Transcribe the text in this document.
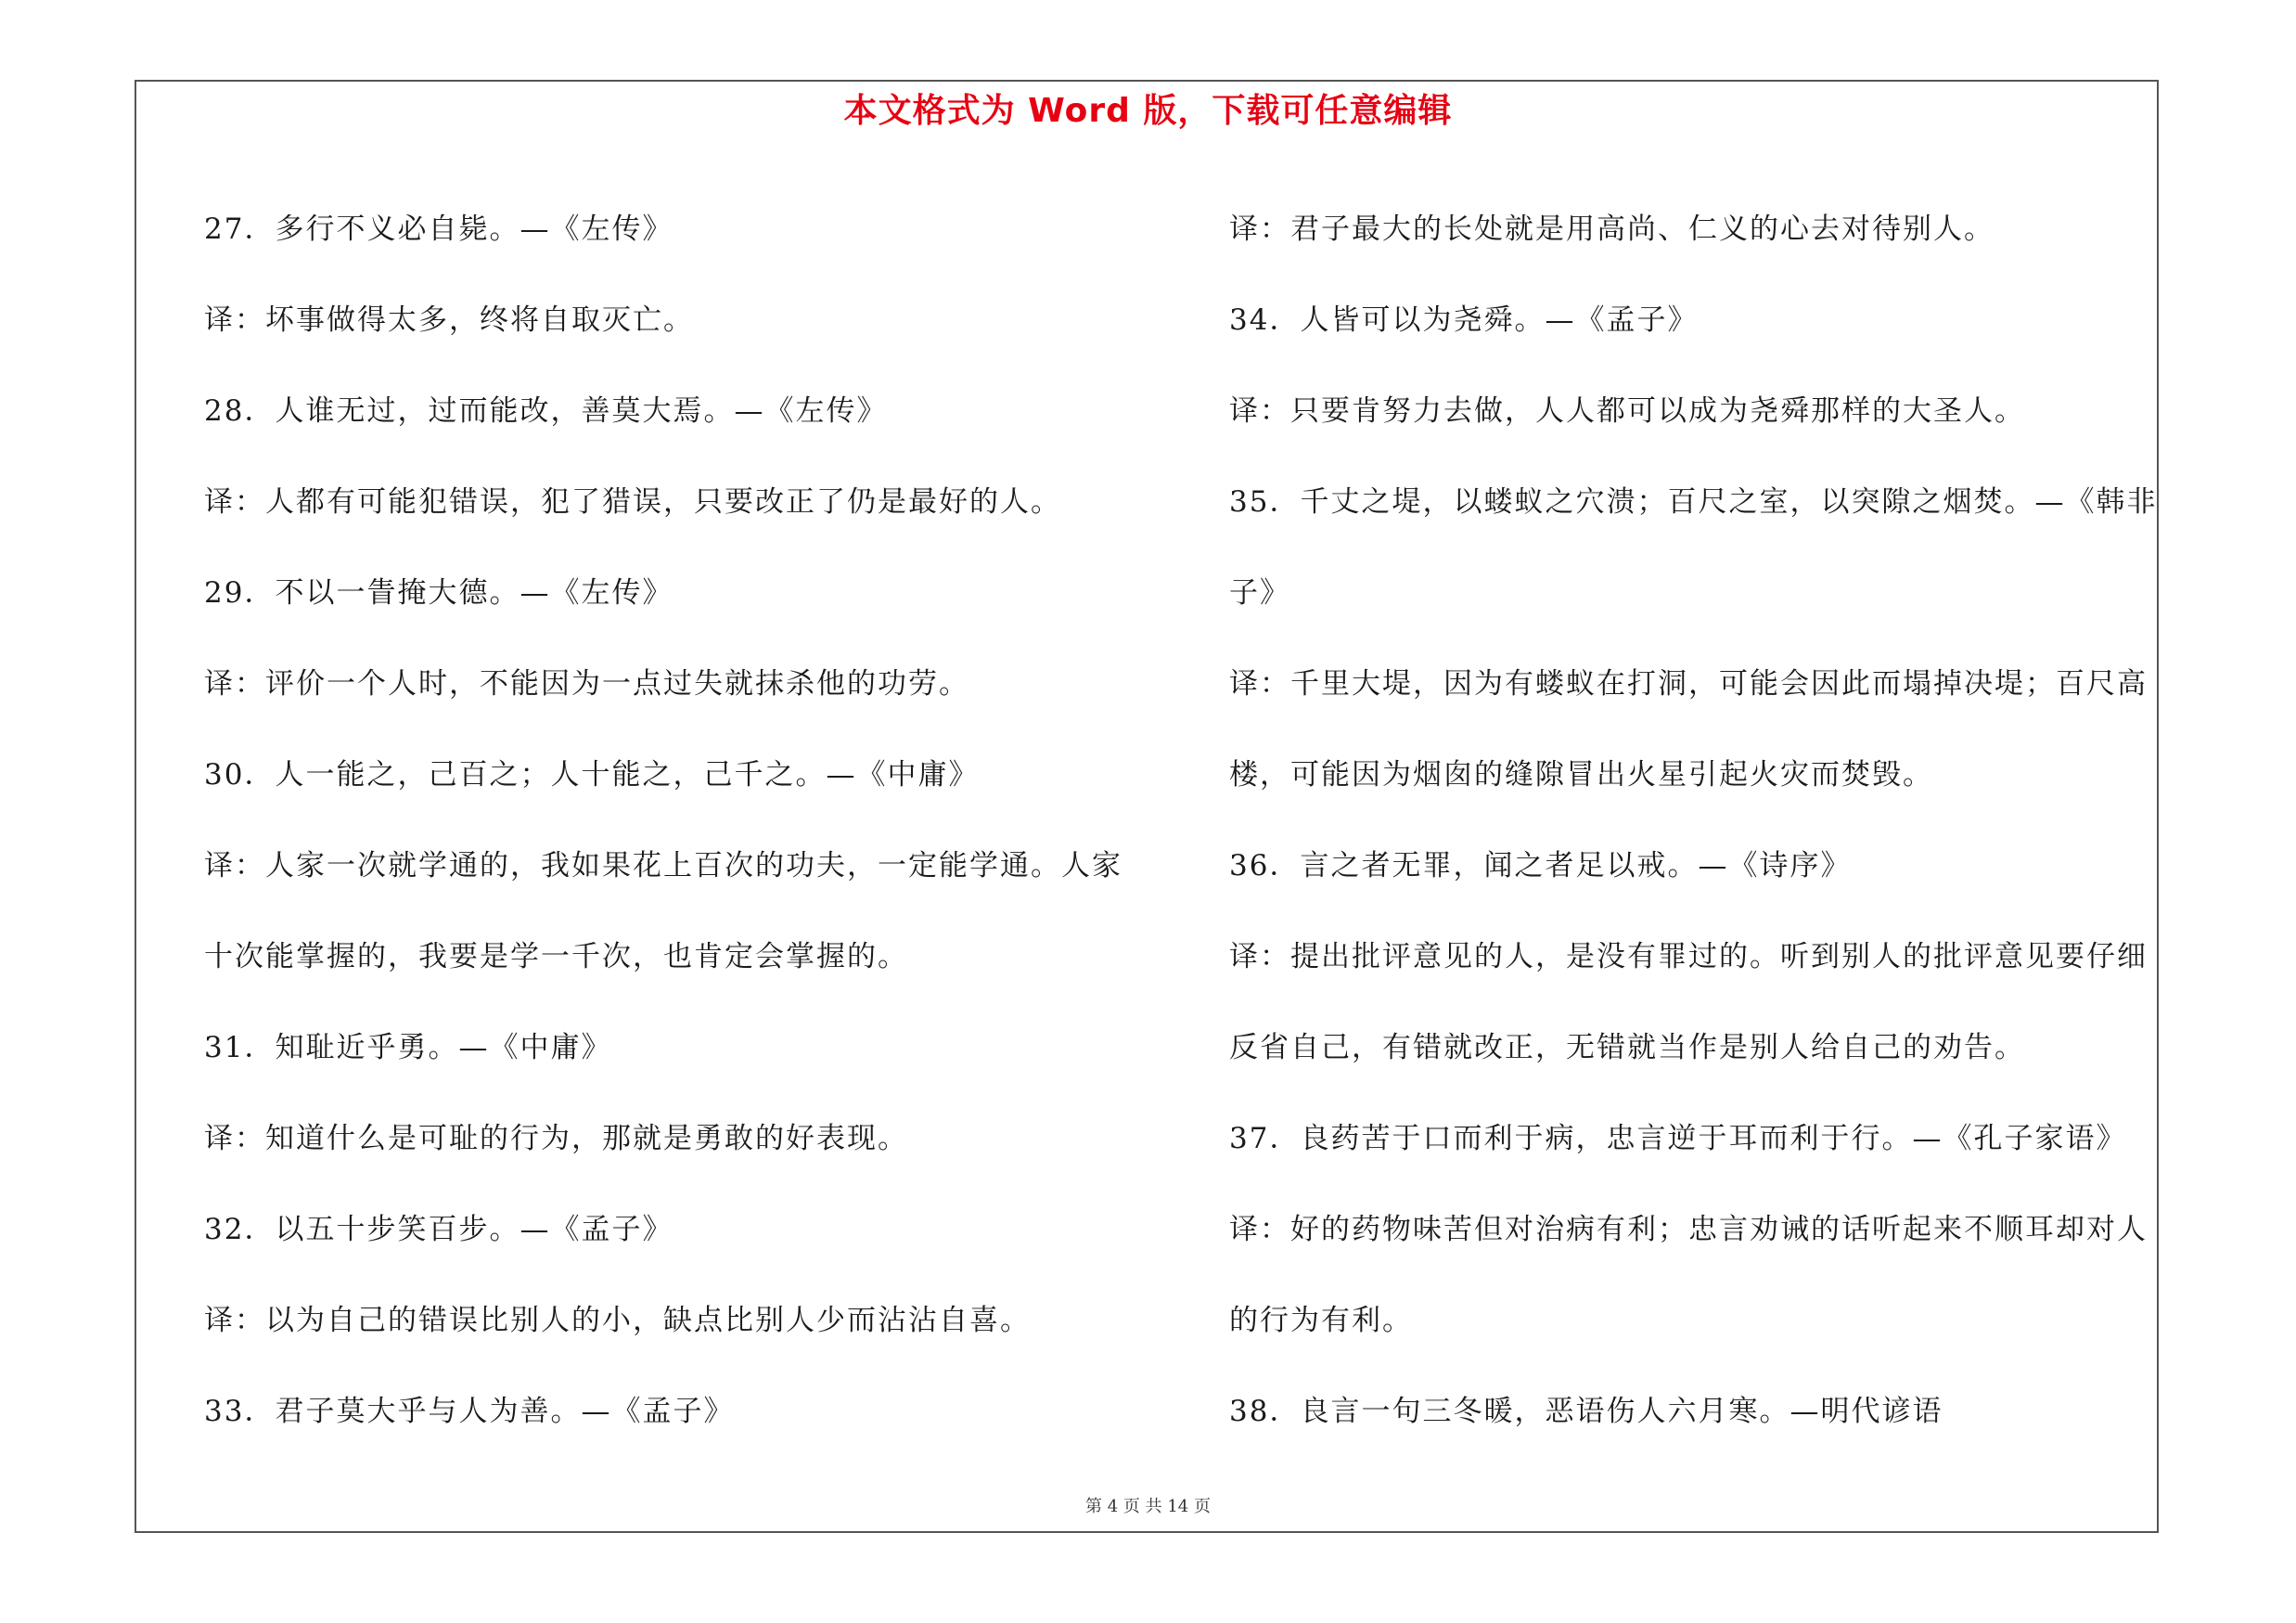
本文格式为 Word 版，下载可任意编辑
27．多行不义必自毙。—《左传》
译：坏事做得太多，终将自取灭亡。
28．人谁无过，过而能改，善莫大焉。—《左传》
译：人都有可能犯错误，犯了猎误，只要改正了仍是最好的人。
29．不以一眚掩大德。—《左传》
译：评价一个人时，不能因为一点过失就抹杀他的功劳。
30．人一能之，己百之；人十能之，己千之。—《中庸》
译：人家一次就学通的，我如果花上百次的功夫，一定能学通。人家
十次能掌握的，我要是学一千次，也肯定会掌握的。
31．知耻近乎勇。—《中庸》
译：知道什么是可耻的行为，那就是勇敢的好表现。
32．以五十步笑百步。—《孟子》
译：以为自己的错误比别人的小，缺点比别人少而沾沾自喜。
33．君子莫大乎与人为善。—《孟子》
译：君子最大的长处就是用高尚、仁义的心去对待别人。
34．人皆可以为尧舜。—《孟子》
译：只要肯努力去做，人人都可以成为尧舜那样的大圣人。
35．千丈之堤，以蝼蚁之穴溃；百尺之室，以突隙之烟焚。—《韩非
子》
译：千里大堤，因为有蝼蚁在打洞，可能会因此而塌掉决堤；百尺高
楼，可能因为烟囱的缝隙冒出火星引起火灾而焚毁。
36．言之者无罪，闻之者足以戒。—《诗序》
译：提出批评意见的人，是没有罪过的。听到别人的批评意见要仔细
反省自己，有错就改正，无错就当作是别人给自己的劝告。
37．良药苦于口而利于病，忠言逆于耳而利于行。—《孔子家语》
译：好的药物味苦但对治病有利；忠言劝诫的话听起来不顺耳却对人
的行为有利。
38．良言一句三冬暖，恶语伤人六月寒。—明代谚语
第 4 页 共 14 页
